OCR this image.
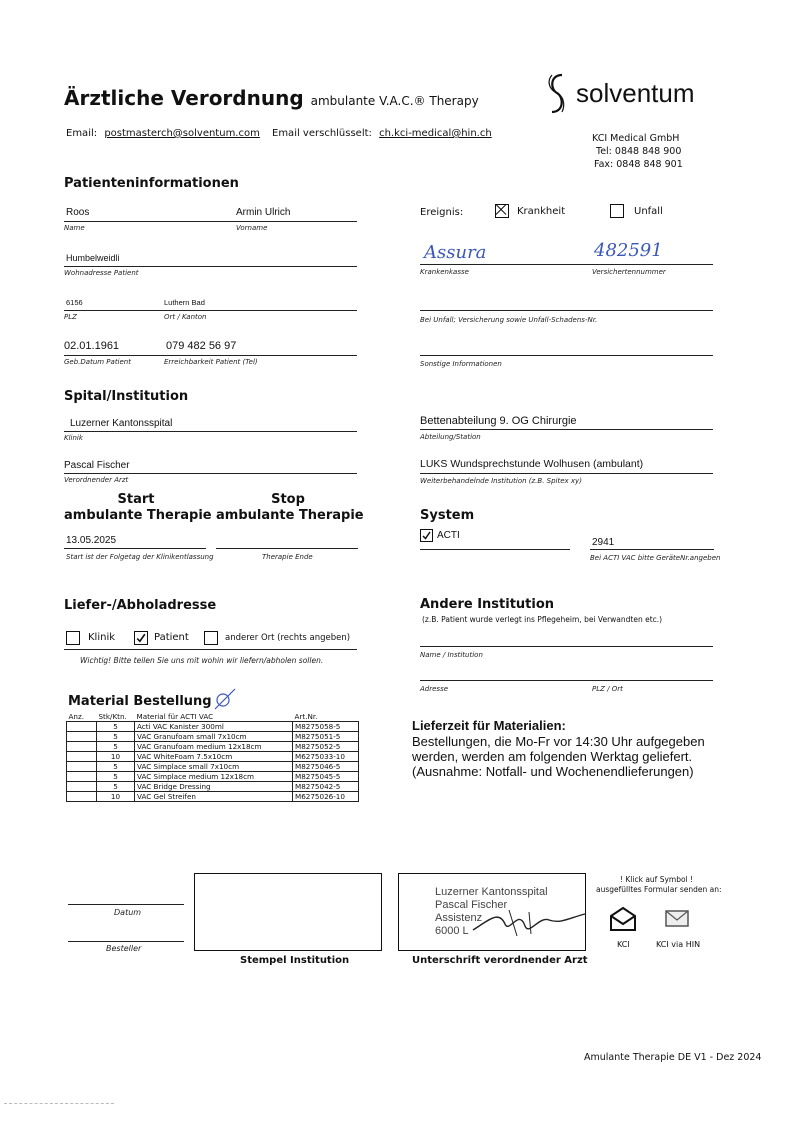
Ärztliche Verordnung ambulante V.A.C.® Therapy	solventum
Email: postmasterch@solventum.com Email verschlüsselt: ch.kci-medical@hin.ch	KCI Medical GmbH
Tel: 0848 848 900
Fax: 0848 848 901
Patienteninformationen
Roos	Armin Ulrich
Name	Vorname
Humbelweidli
Wohnadresse Patient
6156	Luthern Bad
PLZ	Ort / Kanton
02.01.1961	079 482 56 97
Geb.Datum Patient	Erreichbarkeit Patient (Tel)
Ereignis:	Krankheit	Unfall
Assura	482591
Krankenkasse	Versichertennummer
Bei Unfall; Versicherung sowie Unfall-Schadens-Nr.
Sonstige Informationen
Spital/Institution
Luzerner Kantonsspital
Klinik
Pascal Fischer
Verordnender Arzt
Bettenabteilung 9. OG Chirurgie
Abteilung/Station
LUKS Wundsprechstunde Wolhusen (ambulant)
Weiterbehandelnde Institution (z.B. Spitex xy)
Start
ambulante Therapie
Stop
ambulante Therapie
13.05.2025
Start ist der Folgetag der Klinikentlassung	Therapie Ende
System
ACTI
2941
Bei ACTI VAC bitte GeräteNr.angeben
Liefer-/Abholadresse
Klinik	Patient	anderer Ort (rechts angeben)
Wichtig! Bitte teilen Sie uns mit wohin wir liefern/abholen sollen.
Andere Institution
(z.B. Patient wurde verlegt ins Pflegeheim, bei Verwandten etc.)
Name / Institution
Adresse	PLZ / Ort
Material Bestellung
Anz.	Stk/Ktn.	Material für ACTI VAC	Art.Nr.
	5	Acti VAC Kanister 300ml	M8275058-5
	5	VAC Granufoam small 7x10cm	M8275051-5
	5	VAC Granufoam medium 12x18cm	M8275052-5
	10	VAC WhiteFoam 7.5x10cm	M6275033-10
	5	VAC Simplace small 7x10cm	M8275046-5
	5	VAC Simplace medium 12x18cm	M8275045-5
	5	VAC Bridge Dressing	M8275042-5
	10	VAC Gel Streifen	M6275026-10
Lieferzeit für Materialien:
Bestellungen, die Mo-Fr vor 14:30 Uhr aufgegeben
werden, werden am folgenden Werktag geliefert.
(Ausnahme: Notfall- und Wochenendlieferungen)
Datum
Besteller
Stempel Institution
Luzerner Kantonsspital
Pascal Fischer
Assistenz
6000 L
Unterschrift verordnender Arzt
! Klick auf Symbol !
ausgefülltes Formular senden an:
KCI	KCI via HIN
Amulante Therapie DE V1 - Dez 2024
